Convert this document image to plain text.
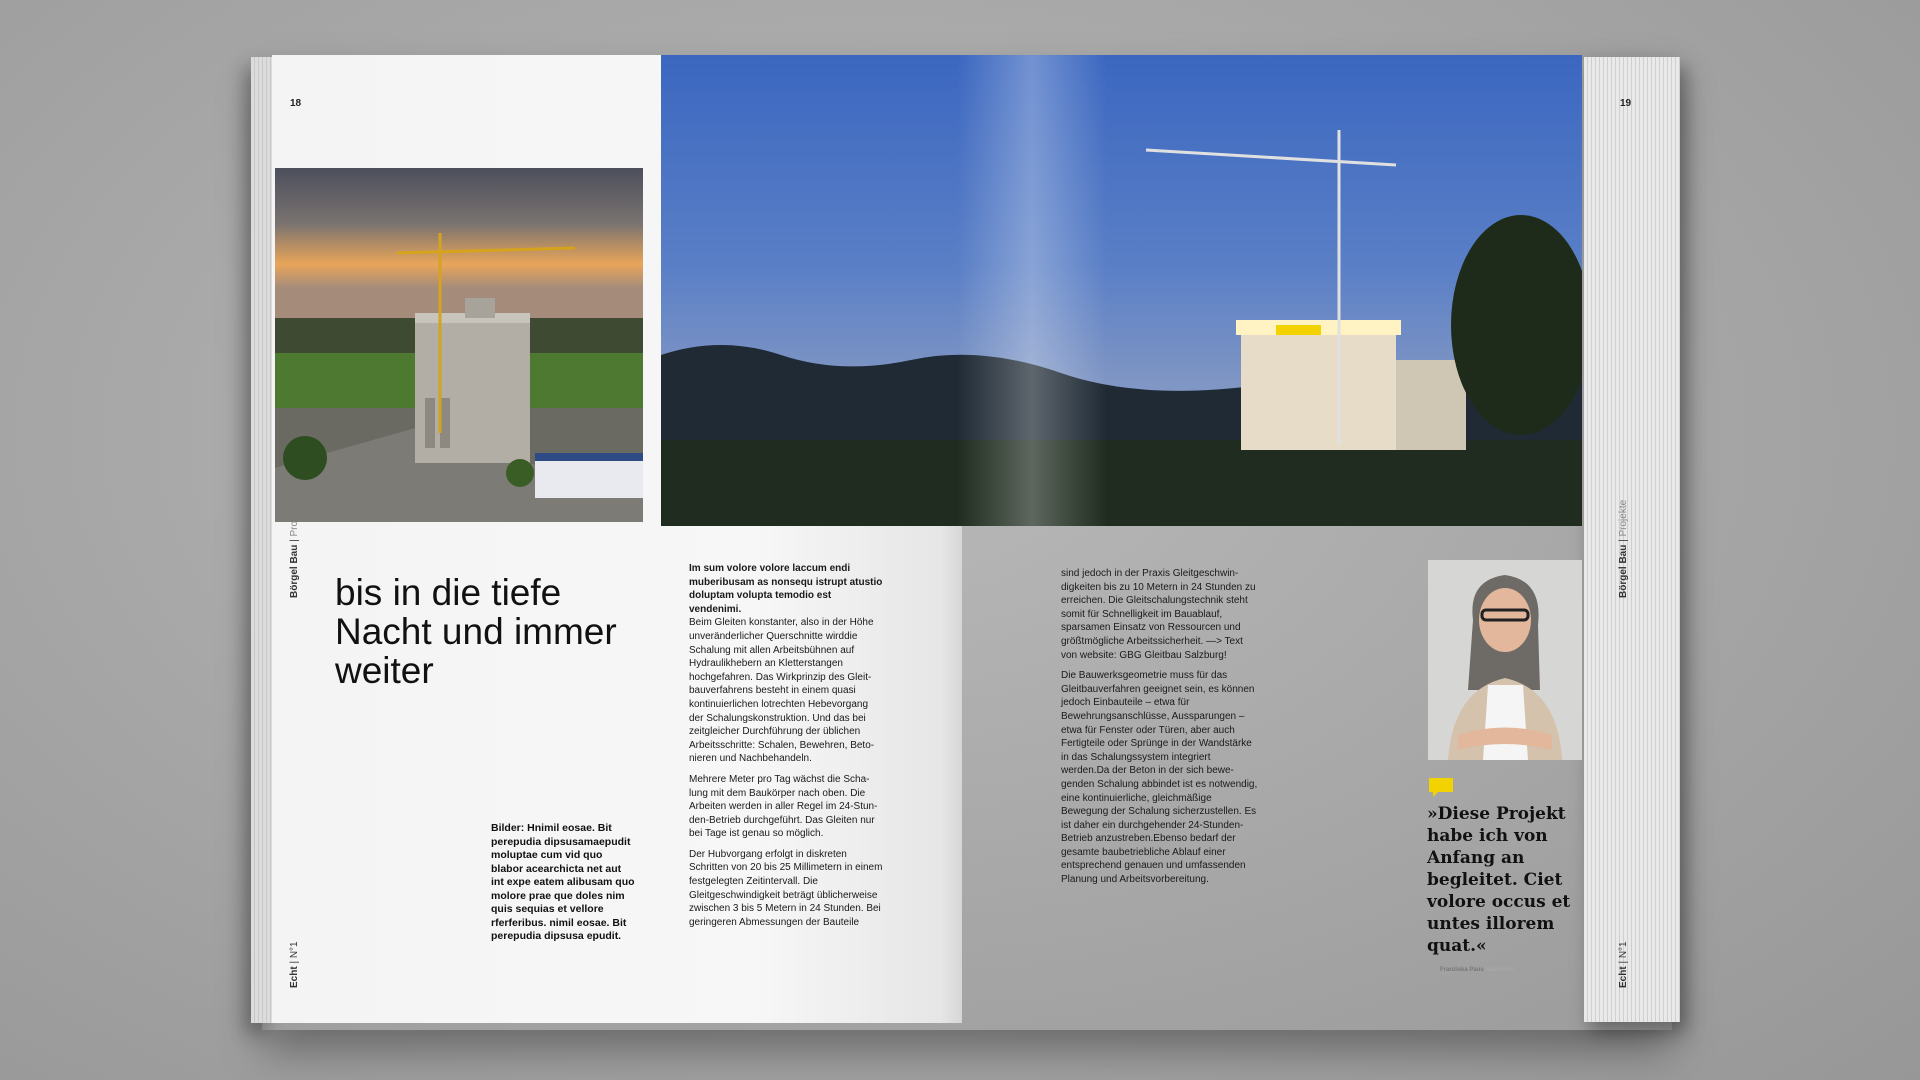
18
Börgel Bau |
Echt | N°1
bis in die tiefe Nacht und immer weiter

Bilder: Hnimil eosae. Bit perepudia dipsusamaepudit moluptae cum vid quo blabor acearchicta net aut int expe eatem alibusam quo molore prae que doles nim quis sequias et vellore rferferibus. nimil eosae. Bit perepudia dipsusa epudit.

Im sum volore volore laccum endi muberibusam as nonsequ istrupt atustio doluptam volupta temodio est vendenimi.

Beim Gleiten konstanter, also in der Höhe unveränderlicher Querschnitte wirddie Schalung mit allen Arbeitsbühnen auf Hydraulikhebern an Kletterstangen hochgefahren. Das Wirkprinzip des Gleitbauverfahrens besteht in einem quasi kontinuierlichen lotrechten Hebevorgang der Schalungskonstruktion. Und das bei zeitgleicher Durchführung der üblichen Arbeitsschritte: Schalen, Bewehren, Betonieren und Nachbehandeln.

Mehrere Meter pro Tag wächst die Schalung mit dem Baukörper nach oben. Die Arbeiten werden in aller Regel im 24-Stunden-Betrieb durchgeführt. Das Gleiten nur bei Tage ist genau so möglich.

Der Hubvorgang erfolgt in diskreten Schritten von 20 bis 25 Millimetern in einem festgelegten Zeitintervall. Die Gleitgeschwindigkeit beträgt üblicherweise zwischen 3 bis 5 Metern in 24 Stunden. Bei geringeren Abmessungen der Bauteile

19
Börgel Bau | Projekte
Echt | N°1

sind jedoch in der Praxis Gleitgeschwindigkeiten bis zu 10 Metern in 24 Stunden zu erreichen. Die Gleitschalungstechnik steht somit für Schnelligkeit im Bauablauf, sparsamen Einsatz von Ressourcen und größtmögliche Arbeitssicherheit. —> Text von website: GBG Gleitbau Salzburg!

Die Bauwerksgeometrie muss für das Gleitbauverfahren geeignet sein, es können jedoch Einbauteile – etwa für Bewehrungsanschlüsse, Aussparungen – etwa für Fenster oder Türen, aber auch Fertigteile oder Sprünge in der Wandstärke in das Schalungssystem integriert werden.Da der Beton in der sich bewegenden Schalung abbindet ist es notwendig, eine kontinuierliche, gleichmäßige Bewegung der Schalung sicherzustellen. Es ist daher ein durchgehender 24-Stunden-Betrieb anzustreben.Ebenso bedarf der gesamte baubetriebliche Ablauf einer entsprechend genauen und umfassenden Planung und Arbeitsvorbereitung.

»Diese Projekt habe ich von Anfang an begleitet. Ciet volore occus et untes illorem quat.«

Franziska Paus Bauleiterin
